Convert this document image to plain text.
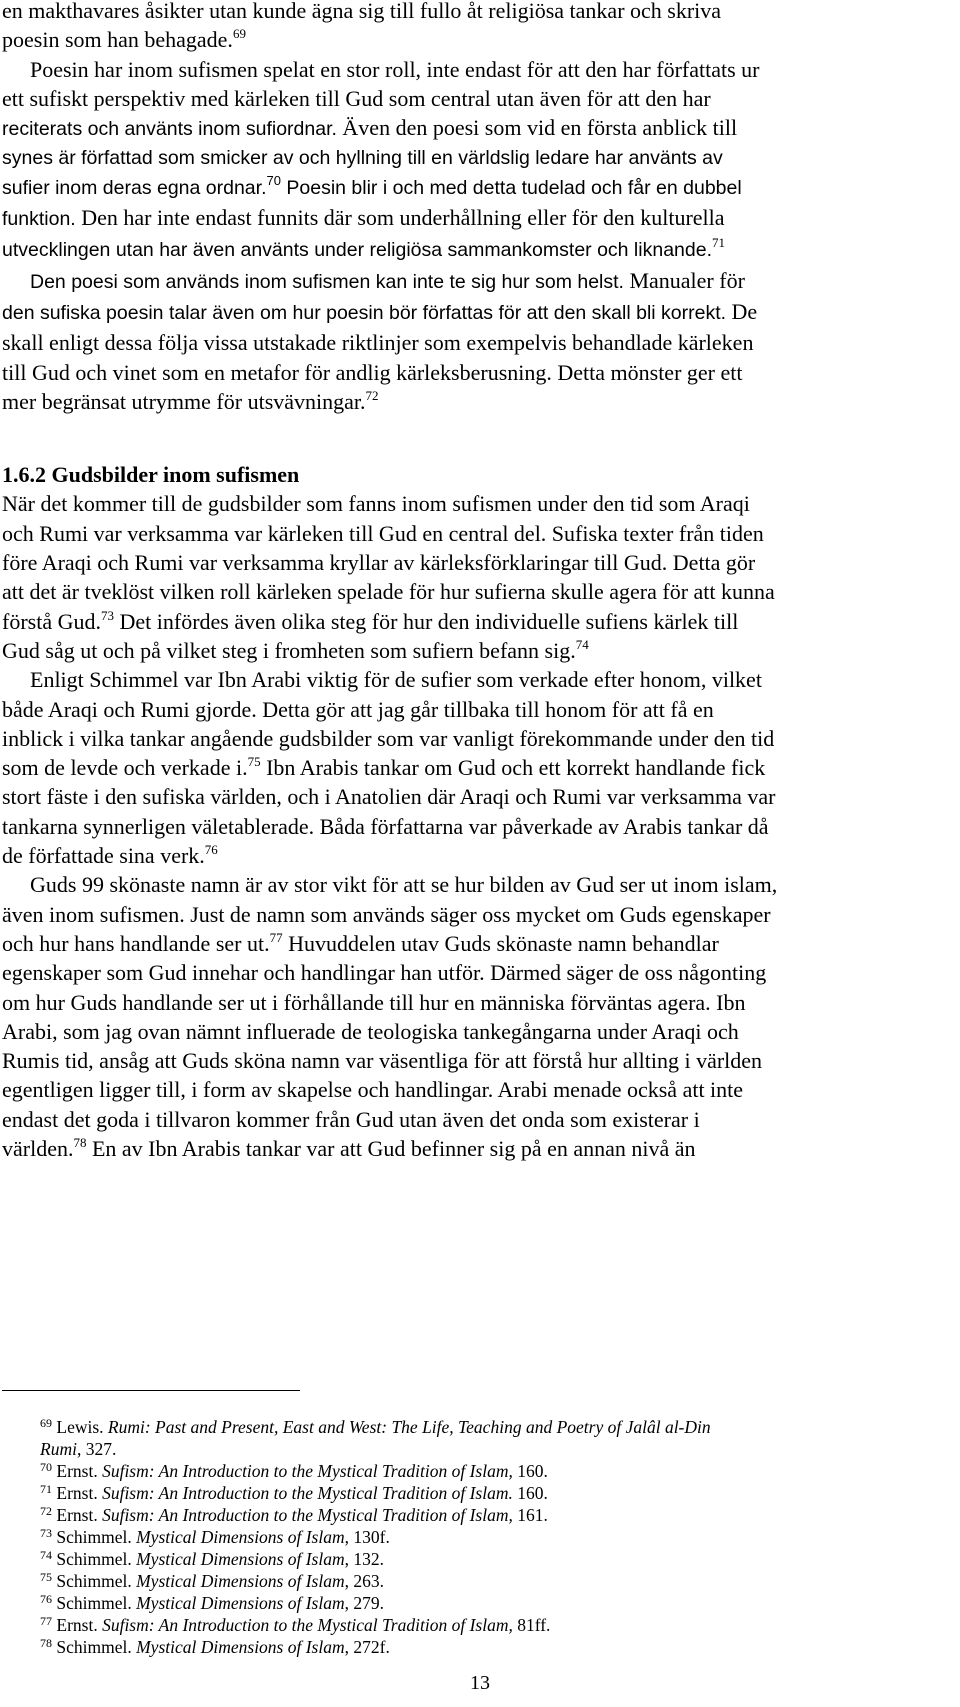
en makthavares åsikter utan kunde ägna sig till fullo åt religiösa tankar och skriva
poesin som han behagade.$^{69}$
Poesin har inom sufismen spelat en stor roll, inte endast för att den har författats ur
ett sufiskt perspektiv med kärleken till Gud som central utan även för att den har
reciterats och använts inom sufiordnar. Även den poesi som vid en första anblick till
synes är författad som smicker av och hyllning till en världslig ledare har använts av
sufier inom deras egna ordnar.$^{70}$ Poesin blir i och med detta tudelad och får en dubbel
funktion. Den har inte endast funnits där som underhållning eller för den kulturella
utvecklingen utan har även använts under religiösa sammankomster och liknande.$^{71}$
Den poesi som används inom sufismen kan inte te sig hur som helst. Manualer för
den sufiska poesin talar även om hur poesin bör författas för att den skall bli korrekt. De
skall enligt dessa följa vissa utstakade riktlinjer som exempelvis behandlade kärleken
till Gud och vinet som en metafor för andlig kärleksberusning. Detta mönster ger ett
mer begränsat utrymme för utsvävningar.$^{72}$
1.6.2 Gudsbilder inom sufismen
När det kommer till de gudsbilder som fanns inom sufismen under den tid som Araqi
och Rumi var verksamma var kärleken till Gud en central del. Sufiska texter från tiden
före Araqi och Rumi var verksamma kryllar av kärleksförklaringar till Gud. Detta gör
att det är tveklöst vilken roll kärleken spelade för hur sufierna skulle agera för att kunna
förstå Gud.$^{73}$ Det infördes även olika steg för hur den individuelle sufiens kärlek till
Gud såg ut och på vilket steg i fromheten som sufiern befann sig.$^{74}$
Enligt Schimmel var Ibn Arabi viktig för de sufier som verkade efter honom, vilket
både Araqi och Rumi gjorde. Detta gör att jag går tillbaka till honom för att få en
inblick i vilka tankar angående gudsbilder som var vanligt förekommande under den tid
som de levde och verkade i.$^{75}$ Ibn Arabis tankar om Gud och ett korrekt handlande fick
stort fäste i den sufiska världen, och i Anatolien där Araqi och Rumi var verksamma var
tankarna synnerligen väletablerade. Båda författarna var påverkade av Arabis tankar då
de författade sina verk.$^{76}$
Guds 99 skönaste namn är av stor vikt för att se hur bilden av Gud ser ut inom islam,
även inom sufismen. Just de namn som används säger oss mycket om Guds egenskaper
och hur hans handlande ser ut.$^{77}$ Huvuddelen utav Guds skönaste namn behandlar
egenskaper som Gud innehar och handlingar han utför. Därmed säger de oss någonting
om hur Guds handlande ser ut i förhållande till hur en människa förväntas agera. Ibn
Arabi, som jag ovan nämnt influerade de teologiska tankegångarna under Araqi och
Rumis tid, ansåg att Guds sköna namn var väsentliga för att förstå hur allting i världen
egentligen ligger till, i form av skapelse och handlingar. Arabi menade också att inte
endast det goda i tillvaron kommer från Gud utan även det onda som existerar i
världen.$^{78}$ En av Ibn Arabis tankar var att Gud befinner sig på en annan nivå än
$^{69}$ Lewis. Rumi: Past and Present, East and West: The Life, Teaching and Poetry of Jalâl al-Din
Rumi, 327.
$^{70}$ Ernst. Sufism: An Introduction to the Mystical Tradition of Islam, 160.
$^{71}$ Ernst. Sufism: An Introduction to the Mystical Tradition of Islam. 160.
$^{72}$ Ernst. Sufism: An Introduction to the Mystical Tradition of Islam, 161.
$^{73}$ Schimmel. Mystical Dimensions of Islam, 130f.
$^{74}$ Schimmel. Mystical Dimensions of Islam, 132.
$^{75}$ Schimmel. Mystical Dimensions of Islam, 263.
$^{76}$ Schimmel. Mystical Dimensions of Islam, 279.
$^{77}$ Ernst. Sufism: An Introduction to the Mystical Tradition of Islam, 81ff.
$^{78}$ Schimmel. Mystical Dimensions of Islam, 272f.
13
